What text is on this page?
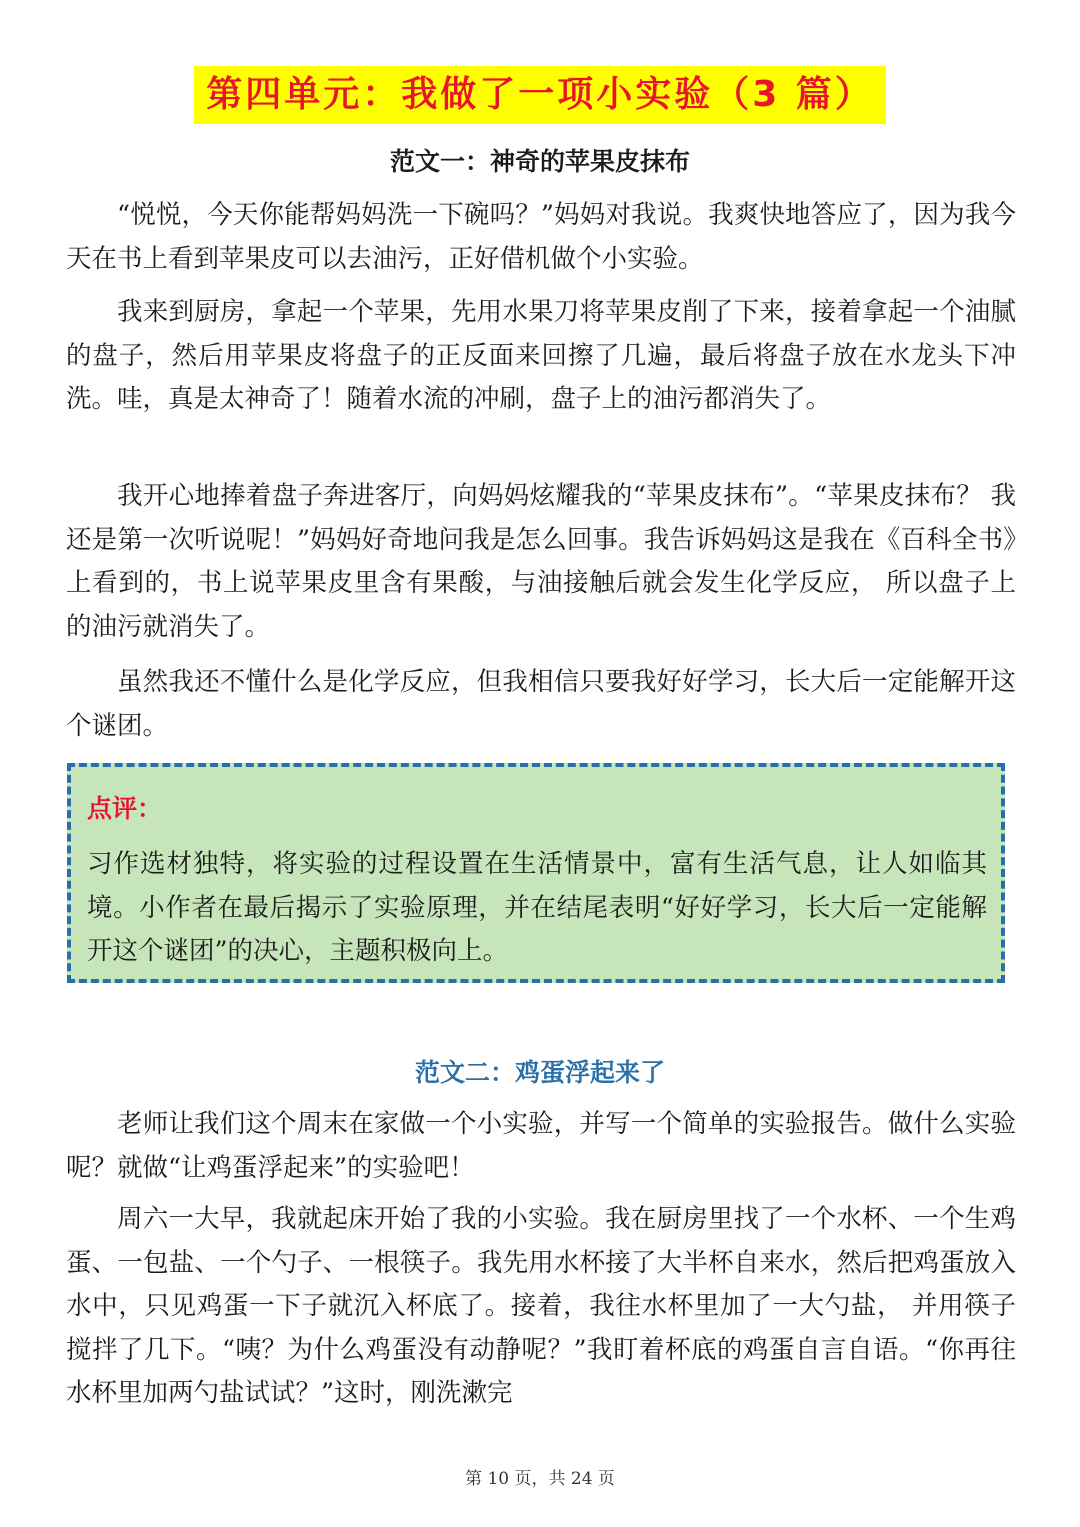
第四单元：我做了一项小实验（3 篇）
范文一：神奇的苹果皮抹布

“悦悦，今天你能帮妈妈洗一下碗吗？”妈妈对我说。我爽快地答应了，因为我今天在书上看到苹果皮可以去油污，正好借机做个小实验。

我来到厨房，拿起一个苹果，先用水果刀将苹果皮削了下来，接着拿起一个油腻的盘子，然后用苹果皮将盘子的正反面来回擦了几遍，最后将盘子放在水龙头下冲洗。哇，真是太神奇了！随着水流的冲刷，盘子上的油污都消失了。

我开心地捧着盘子奔进客厅，向妈妈炫耀我的“苹果皮抹布”。“苹果皮抹布？ 我还是第一次听说呢！”妈妈好奇地问我是怎么回事。我告诉妈妈这是我在《百科全书》上看到的，书上说苹果皮里含有果酸，与油接触后就会发生化学反应， 所以盘子上的油污就消失了。

虽然我还不懂什么是化学反应，但我相信只要我好好学习，长大后一定能解开这个谜团。

点评：

习作选材独特，将实验的过程设置在生活情景中，富有生活气息，让人如临其境。小作者在最后揭示了实验原理，并在结尾表明“好好学习，长大后一定能解开这个谜团”的决心，主题积极向上。

范文二：鸡蛋浮起来了

老师让我们这个周末在家做一个小实验，并写一个简单的实验报告。做什么实验呢？就做“让鸡蛋浮起来”的实验吧！

周六一大早，我就起床开始了我的小实验。我在厨房里找了一个水杯、一个生鸡蛋、一包盐、一个勺子、一根筷子。我先用水杯接了大半杯自来水，然后把鸡蛋放入水中，只见鸡蛋一下子就沉入杯底了。接着，我往水杯里加了一大勺盐， 并用筷子搅拌了几下。“咦？为什么鸡蛋没有动静呢？”我盯着杯底的鸡蛋自言自语。“你再往水杯里加两勺盐试试？”这时，刚洗漱完

第 10 页，共 24 页
